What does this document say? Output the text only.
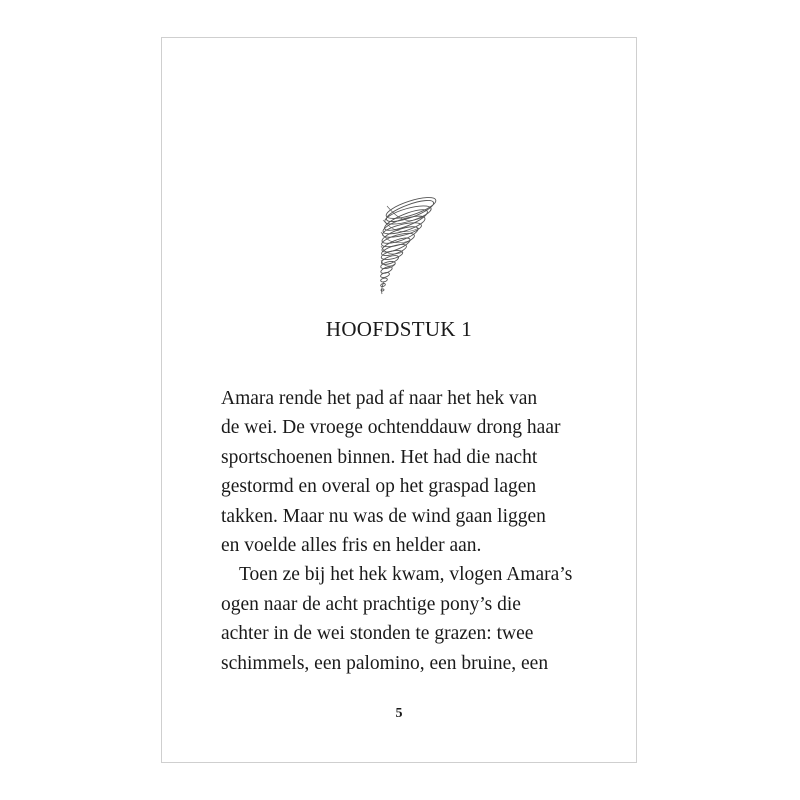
HOOFDSTUK 1
Amara rende het pad af naar het hek van
de wei. De vroege ochtenddauw drong haar
sportschoenen binnen. Het had die nacht
gestormd en overal op het graspad lagen
takken. Maar nu was de wind gaan liggen
en voelde alles fris en helder aan.
Toen ze bij het hek kwam, vlogen Amara’s
ogen naar de acht prachtige pony’s die
achter in de wei stonden te grazen: twee
schimmels, een palomino, een bruine, een
5
